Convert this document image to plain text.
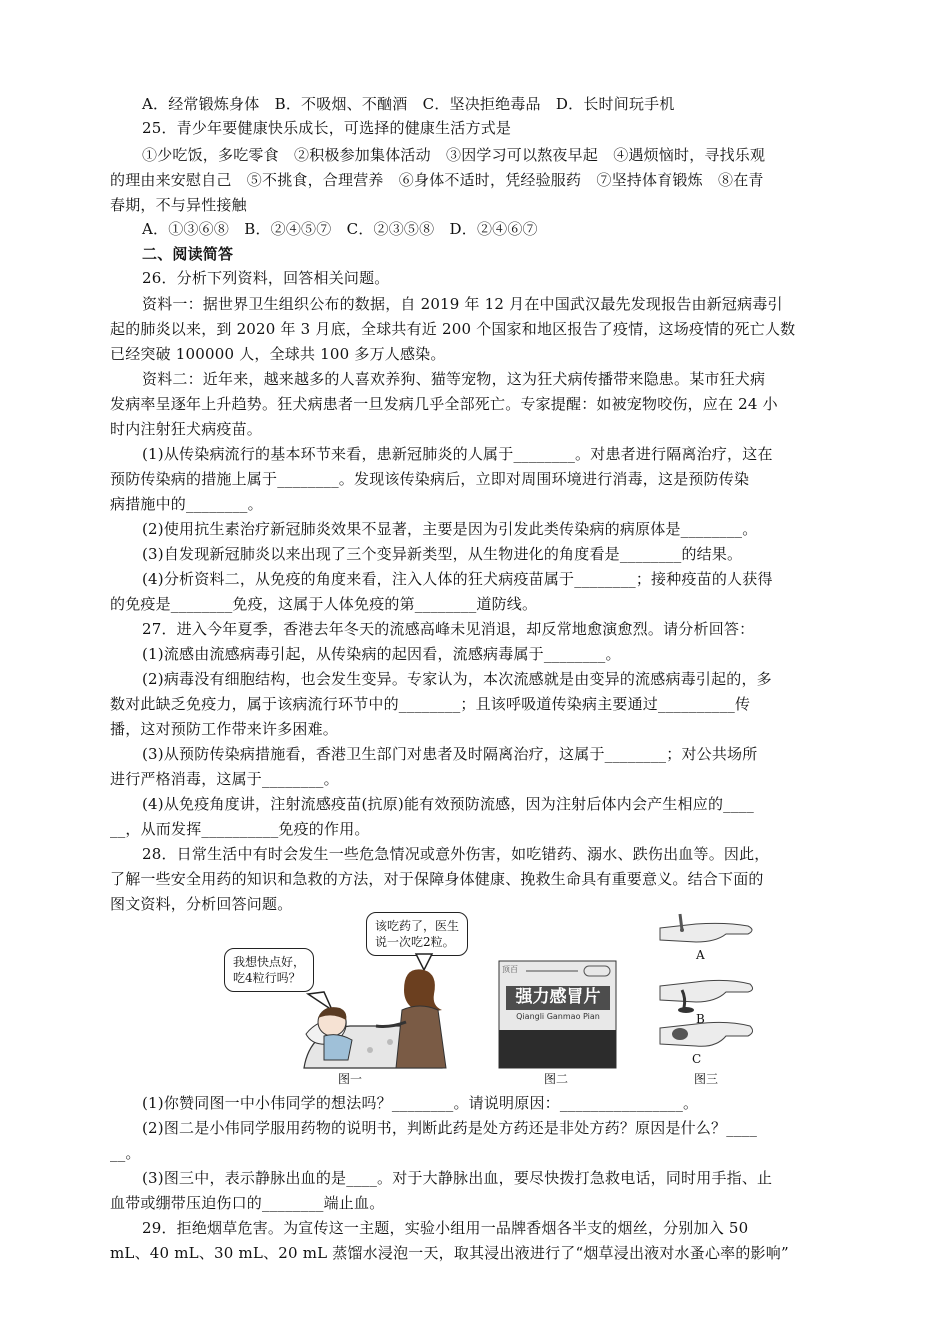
A．经常锻炼身体　B．不吸烟、不酗酒　C．坚决拒绝毒品　D．长时间玩手机
25．青少年要健康快乐成长，可选择的健康生活方式是
①少吃饭，多吃零食　②积极参加集体活动　③因学习可以熬夜早起　④遇烦恼时，寻找乐观
的理由来安慰自己　⑤不挑食，合理营养　⑥身体不适时，凭经验服药　⑦坚持体育锻炼　⑧在青
春期，不与异性接触
A．①③⑥⑧　B．②④⑤⑦　C．②③⑤⑧　D．②④⑥⑦
二、阅读简答
26．分析下列资料，回答相关问题。
资料一：据世界卫生组织公布的数据，自 2019 年 12 月在中国武汉最先发现报告由新冠病毒引
起的肺炎以来，到 2020 年 3 月底，全球共有近 200 个国家和地区报告了疫情，这场疫情的死亡人数
已经突破 100000 人，全球共 100 多万人感染。
资料二：近年来，越来越多的人喜欢养狗、猫等宠物，这为狂犬病传播带来隐患。某市狂犬病
发病率呈逐年上升趋势。狂犬病患者一旦发病几乎全部死亡。专家提醒：如被宠物咬伤，应在 24 小
时内注射狂犬病疫苗。
(1)从传染病流行的基本环节来看，患新冠肺炎的人属于________。对患者进行隔离治疗，这在
预防传染病的措施上属于________。发现该传染病后，立即对周围环境进行消毒，这是预防传染
病措施中的________。
(2)使用抗生素治疗新冠肺炎效果不显著，主要是因为引发此类传染病的病原体是________。
(3)自发现新冠肺炎以来出现了三个变异新类型，从生物进化的角度看是________的结果。
(4)分析资料二，从免疫的角度来看，注入人体的狂犬病疫苗属于________；接种疫苗的人获得
的免疫是________免疫，这属于人体免疫的第________道防线。
27．进入今年夏季，香港去年冬天的流感高峰未见消退，却反常地愈演愈烈。请分析回答：
(1)流感由流感病毒引起，从传染病的起因看，流感病毒属于________。
(2)病毒没有细胞结构，也会发生变异。专家认为，本次流感就是由变异的流感病毒引起的，多
数对此缺乏免疫力，属于该病流行环节中的________；且该呼吸道传染病主要通过__________传
播，这对预防工作带来许多困难。
(3)从预防传染病措施看，香港卫生部门对患者及时隔离治疗，这属于________；对公共场所
进行严格消毒，这属于________。
(4)从免疫角度讲，注射流感疫苗(抗原)能有效预防流感，因为注射后体内会产生相应的____
__，从而发挥__________免疫的作用。
28．日常生活中有时会发生一些危急情况或意外伤害，如吃错药、溺水、跌伤出血等。因此，
了解一些安全用药的知识和急救的方法，对于保障身体健康、挽救生命具有重要意义。结合下面的
图文资料，分析回答问题。
我想快点好，
吃4粒行吗？
该吃药了，医生
说一次吃2粒。
图一
顶百
强力感冒片
Qiangli Ganmao Pian
图二
A
B
C
图三
(1)你赞同图一中小伟同学的想法吗？________。请说明原因：________________。
(2)图二是小伟同学服用药物的说明书，判断此药是处方药还是非处方药？原因是什么？____
__。
(3)图三中，表示静脉出血的是____。对于大静脉出血，要尽快拨打急救电话，同时用手指、止
血带或绷带压迫伤口的________端止血。
29．拒绝烟草危害。为宣传这一主题，实验小组用一品牌香烟各半支的烟丝，分别加入 50
mL、40 mL、30 mL、20 mL 蒸馏水浸泡一天，取其浸出液进行了“烟草浸出液对水蚤心率的影响”
